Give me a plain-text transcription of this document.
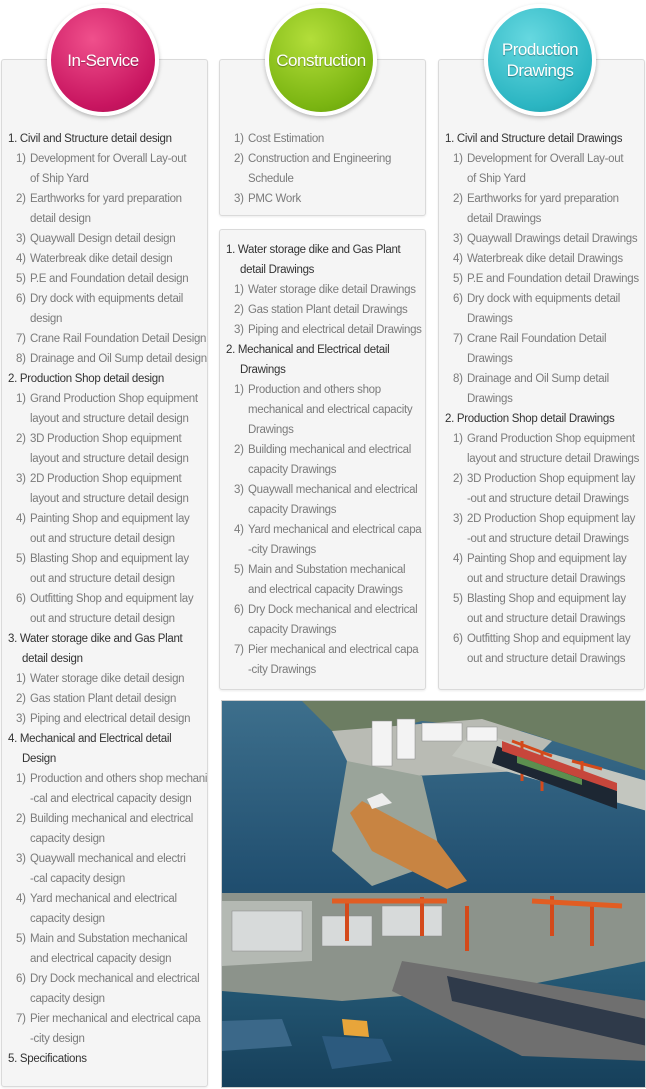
1. Civil and Structure detail design
1) Development for Overall Lay-out
of Ship Yard
2) Earthworks for yard preparation
detail design
3) Quaywall Design detail design
4) Waterbreak dike detail design
5) P.E and Foundation detail design
6) Dry dock with equipments detail
design
7) Crane Rail Foundation Detail Design
8) Drainage and Oil Sump detail design
2. Production Shop detail design
1) Grand Production Shop equipment
layout and structure detail design
2) 3D Production Shop equipment
layout and structure detail design
3) 2D Production Shop equipment
layout and structure detail design
4) Painting Shop and equipment lay
out and structure detail design
5) Blasting Shop and equipment lay
out and structure detail design
6) Outfitting Shop and equipment lay
out and structure detail design
3. Water storage dike and Gas Plant
detail design
1) Water storage dike detail design
2) Gas station Plant detail design
3) Piping and electrical detail design
4. Mechanical and Electrical detail
Design
1) Production and others shop mechani
-cal and electrical capacity design
2) Building mechanical and electrical
capacity design
3) Quaywall mechanical and electri
-cal capacity design
4) Yard mechanical and electrical
capacity design
5) Main and Substation mechanical
and electrical capacity design
6) Dry Dock mechanical and electrical
capacity design
7) Pier mechanical and electrical capa
-city design
5. Specifications
1) Cost Estimation
2) Construction and Engineering
Schedule
3) PMC Work
1. Water storage dike and Gas Plant
detail Drawings
1) Water storage dike detail Drawings
2) Gas station Plant detail Drawings
3) Piping and electrical detail Drawings
2. Mechanical and Electrical detail
Drawings
1) Production and others shop
mechanical and electrical capacity
Drawings
2) Building mechanical and electrical
capacity Drawings
3) Quaywall mechanical and electrical
capacity Drawings
4) Yard mechanical and electrical capa
-city Drawings
5) Main and Substation mechanical
and electrical capacity Drawings
6) Dry Dock mechanical and electrical
capacity Drawings
7) Pier mechanical and electrical capa
-city Drawings
1. Civil and Structure detail Drawings
1) Development for Overall Lay-out
of Ship Yard
2) Earthworks for yard preparation
detail Drawings
3) Quaywall Drawings detail Drawings
4) Waterbreak dike detail Drawings
5) P.E and Foundation detail Drawings
6) Dry dock with equipments detail
Drawings
7) Crane Rail Foundation Detail
Drawings
8) Drainage and Oil Sump detail
Drawings
2. Production Shop detail Drawings
1) Grand Production Shop equipment
layout and structure detail Drawings
2) 3D Production Shop equipment lay
-out and structure detail Drawings
3) 2D Production Shop equipment lay
-out and structure detail Drawings
4) Painting Shop and equipment lay
out and structure detail Drawings
5) Blasting Shop and equipment lay
out and structure detail Drawings
6) Outfitting Shop and equipment lay
out and structure detail Drawings
In-Service	Construction
Production
Drawings
